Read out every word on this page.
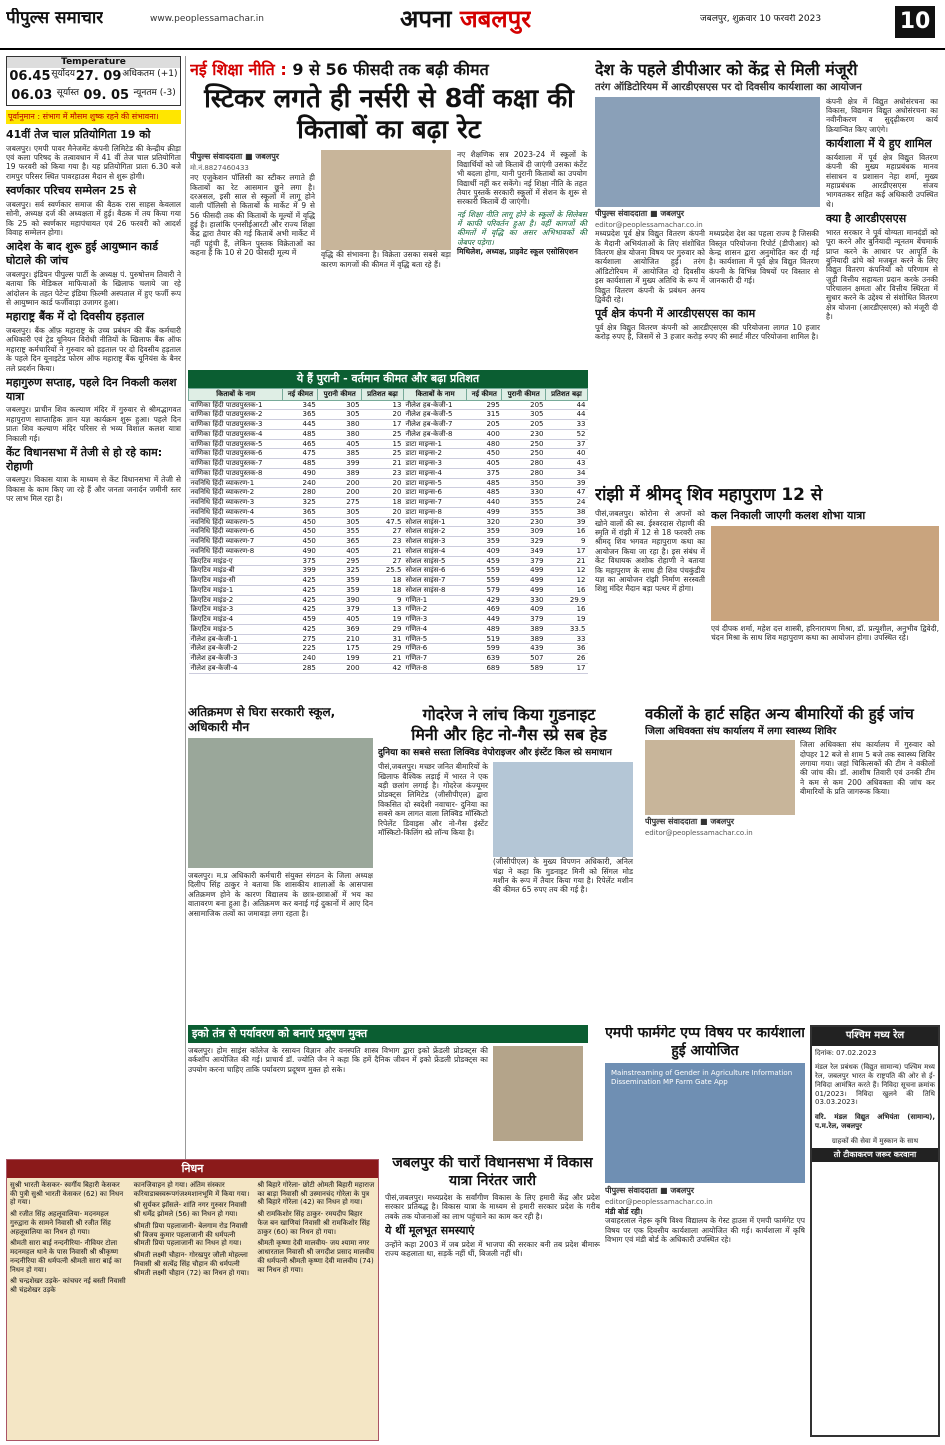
पीपुल्स समाचार	www.peoplessamachar.in	अपना जबलपुर	जबलपुर, शुक्रवार 10 फरवरी 2023	10
Temperature
06.45 सूर्योदय 27. 09 अधिकतम (+1)
06.03 सूर्यास्त 09. 05 न्यूनतम (-3)
पूर्वानुमान : संभाग में मौसम शुष्क रहने की संभावना।
41वीं तेज चाल प्रतियोगिता 19 को
जबलपुर। एमपी पावर मैनेजमेंट कंपनी लिमिटेड की केन्द्रीय क्रीड़ा एवं कला परिषद के तत्वावधान में 41 वीं तेज चाल प्रतियोगिता 19 फरवरी को किया गया है। यह प्रतियोगिता प्रातः 6.30 बजे रामपुर परिसर स्थित पावरहाउस मैदान से शुरू होगी।
स्वर्णकार परिचय सम्मेलन 25 से
जबलपुर। सर्व स्वर्णकार समाज की बैठक रास साहस केवलाल सोनी, अध्यक्ष दर्ज की अध्यक्षता में हुई। बैठक में तय किया गया कि 25 को स्वर्णकार महापंचायत एवं 26 फरवरी को आदर्श विवाह सम्मेलन होगा।
आदेश के बाद शुरू हुई आयुष्मान कार्ड घोटाले की जांच
जबलपुर। इंडियन पीपुल्स पार्टी के अध्यक्ष पं. पुरुषोत्तम तिवारी ने बताया कि मेडिकल माफियाओं के खिलाफ चलाये जा रहे आंदोलन के तहत पेटेन्ट इंडिया फ़िल्मी अस्पताल में हुए फर्जी रूप से आयुष्मान कार्ड फर्जीवाड़ा उजागर हुआ।
महाराष्ट्र बैंक में दो दिवसीय हड़ताल
जबलपुर। बैंक ऑफ़ महाराष्ट्र के उच्च प्रबंधन की बैंक कर्मचारी अधिकारी एवं ट्रेड यूनियन विरोधी नीतियों के खिलाफ बैंक ऑफ महाराष्ट्र कर्मचारियों ने गुरुवार को हड़ताल पर दो दिवसीय हड़ताल के पहले दिन यूनाइटेड फोरम ऑफ महाराष्ट्र बैंक यूनियंस के बैनर तले प्रदर्शन किया।
महागुरुण सप्ताह, पहले दिन निकली कलश यात्रा
जबलपुर। प्राचीन शिव कल्याण मंदिर में गुरुवार से श्रीमद्भागवत महापुराण साप्ताहिक ज्ञान यज्ञ कार्यक्रम शुरू हुआ। पहले दिन प्रातः शिव कल्याण मंदिर परिसर से भव्य विशाल कलश यात्रा निकाली गई।
केंट विधानसभा में तेजी से हो रहे काम: रोहाणी
जबलपुर। विकास यात्रा के माध्यम से केंट विधानसभा में तेजी से विकास के काम किए जा रहे हैं और जनता जनार्दन जमीनी स्तर पर लाभ मिल रहा है।
निधन
सुश्री भारती केसकर- स्वर्गीय बिहारी केसकर की पुत्री सुश्री भारती केसकर (62) का निधन हो गया।
श्री रजीत सिंह अहलूवालिया- मदनमहल गुरुद्वारा के सामने निवासी श्री रजीत सिंह अहलूवालिया का निधन हो गया।
श्रीमती सारा बाई नन्दनीरिया- नीवियर टोला मदनमहल थाने के पास निवासी श्री श्रीकृष्ण नन्दनीरिया की धर्मपत्नी श्रीमती सारा बाई का निधन हो गया।
श्री चन्द्रशेखर उड़के- कांचघर नई बस्ती निवासी श्री चंद्रशेखर उड़के
कानजिवाहन हो गया। अंतिम संस्कार करियाडाबस्वरूपगंजश्मशानभूमि में किया गया।
श्री सुर्यकर झाँसले- शांति नगर गुरुसर निवासी श्री धर्मेंद्र झोमले (56) का निधन हो गया।
श्रीमती प्रिया पहलाजानी- बेलगाम रोड निवासी श्री विजय कुमार पहलाजानी की धर्मपत्नी श्रीमती प्रिया पहलाजानी का निधन हो गया।
श्रीमती लक्ष्मी चौहान- गोरखपुर जौली मोहल्ला निवासी श्री सत्येंद्र सिंह चौहान की धर्मपत्नी श्रीमती लक्ष्मी चौहान (72) का निधन हो गया।
श्री बिहारे गोरेला- छोटी ओमती बिहारी महाराज का बाड़ा निवासी श्री उस्मानचंद गोरेला के पुत्र श्री बिहारे गोरेला (42) का निधन हो गया।
श्री रामकिशोर सिंह ठाकुर- रमयदीप बिहार फेज बन खाणियां निवासी श्री रामकिशोर सिंह ठाकुर (60) का निधन हो गया।
श्रीमती कृष्णा देवी मालवीय- जय श्यामा नगर आधारताल निवासी श्री जगदीश प्रसाद मालवीय की धर्मपत्नी श्रीमती कृष्णा देवी मालवीय (74) का निधन हो गया।
नई शिक्षा नीति : 9 से 56 फीसदी तक बढ़ी कीमत
स्टिकर लगते ही नर्सरी से 8वीं कक्षा की किताबों का बढ़ा रेट
पीपुल्स संवाददाता ■ जबलपुर
मो.नं.8827460433
नए एजुकेशन पॉलिसी का स्टीकर लगाते ही किताबों का रेट आसमान छूने लगा है। दरअसल, इसी साल से स्कूलों में लागू होने वाली पॉलिसी से किताबों के मार्केट में 9 से 56 फीसदी तक की किताबों के मूल्यों में वृद्धि हुई है। हालांकि एनसीईआरटी और राज्य शिक्षा केंद्र द्वारा तैयार की गई किताबें अभी मार्केट में नहीं पहुंची हैं, लेकिन पुस्तक विक्रेताओं का कहना है कि 10 से 20 फीसदी मूल्य में	वृद्धि की संभावना है। विक्रेता उसका सबसे बड़ा कारण कागजों की कीमत में वृद्धि बता रहे हैं।
नए शैक्षणिक सत्र 2023-24 में स्कूलों के विद्यार्थियों को जो किताबें दी जाएंगी उसका कंटेंट भी बदला होगा, यानी पुरानी किताबों का उपयोग विद्यार्थी नहीं कर सकेंगे। नई शिक्षा नीति के तहत तैयार पुस्तकें सरकारी स्कूलों में सेशन के शुरू से सरकारी किताबें दी जाएंगी।
नई शिक्षा नीति लागू होने के स्कूलों के सिलेबस में काफी परिवर्तन हुआ है। वहीं कागजों की कीमतों में वृद्धि का असर अभिभावकों की जेबपर पड़ेगा।
मिथिलेश, अध्यक्ष, प्राइवेट स्कूल एसोसिएशन
ये हैं पुरानी - वर्तमान कीमत और बढ़ा प्रतिशत
किताबों के नाम	नई कीमत	पुरानी कीमत	प्रतिशत बढ़ा	किताबों के नाम	नई कीमत	पुरानी कीमत	प्रतिशत बढ़ा
वाणिका हिंदी पाठ्यपुस्तक-1	345	305	13	नीलेश हब-केजी-1	295	205	44
वाणिका हिंदी पाठ्यपुस्तक-2	365	305	20	नीलेश हब-केजी-5	315	305	44
वाणिका हिंदी पाठ्यपुस्तक-3	445	380	17	नीलेश हब-केजी-7	205	205	33
वाणिका हिंदी पाठ्यपुस्तक-4	485	380	25	नीलेश हब-केजी-8	400	230	52
वाणिका हिंदी पाठ्यपुस्तक-5	465	405	15	डाटा माइन्स-1	480	250	37
वाणिका हिंदी पाठ्यपुस्तक-6	475	385	25	डाटा माइन्स-2	450	250	40
वाणिका हिंदी पाठ्यपुस्तक-7	485	399	21	डाटा माइन्स-3	405	280	43
वाणिका हिंदी पाठ्यपुस्तक-8	490	389	23	डाटा माइन्स-4	375	280	34
नवनिधि हिंदी व्याकरण-1	240	200	20	डाटा माइन्स-5	485	350	39
नवनिधि हिंदी व्याकरण-2	280	200	20	डाटा माइन्स-6	485	330	47
नवनिधि हिंदी व्याकरण-3	325	275	18	डाटा माइन्स-7	440	355	24
नवनिधि हिंदी व्याकरण-4	365	305	20	डाटा माइन्स-8	499	355	38
नवनिधि हिंदी व्याकरण-5	450	305	47.5	सोशल साइंस-1	320	230	39
नवनिधि हिंदी व्याकरण-6	450	355	27	सोशल साइंस-2	359	309	16
नवनिधि हिंदी व्याकरण-7	450	365	23	सोशल साइंस-3	359	329	9
नवनिधि हिंदी व्याकरण-8	490	405	21	सोशल साइंस-4	409	349	17
क्रिएटिव माइंड-ए	375	295	27	सोशल साइंस-5	459	379	21
क्रिएटिव माइंड-बी	399	325	25.5	सोशल साइंस-6	559	499	12
क्रिएटिव माइंड-सी	425	359	18	सोशल साइंस-7	559	499	12
क्रिएटिव माइंड-1	425	359	18	सोशल साइंस-8	579	499	16
क्रिएटिव माइंड-2	425	390	9	गणित-1	429	330	29.9
क्रिएटिव माइंड-3	425	379	13	गणित-2	469	409	16
क्रिएटिव माइंड-4	459	405	19	गणित-3	449	379	19
क्रिएटिव माइंड-5	425	369	29	गणित-4	489	389	33.5
नीलेश हब-केजी-1	275	210	31	गणित-5	519	389	33
नीलेश हब-केजी-2	225	175	29	गणित-6	599	439	36
नीलेश हब-केजी-3	240	199	21	गणित-7	639	507	26
नीलेश हब-केजी-4	285	200	42	गणित-8	689	589	17
देश के पहले डीपीआर को केंद्र से मिली मंजूरी
तरंग ऑडिटोरियम में आरडीएसएस पर दो दिवसीय कार्यशाला का आयोजन
पीपुल्स संवाददाता ■ जबलपुर
editor@peoplessamachar.co.in
मध्यप्रदेश पूर्व क्षेत्र विद्युत वितरण कंपनी के मैदानी अभियंताओं के लिए संशोधित वितरण क्षेत्र योजना विषय पर गुरुवार को कार्यशाला आयोजित हुई। तरंग ऑडिटोरियम में आयोजित दो दिवसीय इस कार्यशाला में मुख्य अतिथि के रूप में विद्युत वितरण कंपनी के प्रबंधन अनय द्विवेदी रहे।
मध्यप्रदेश देश का पहला राज्य है जिसकी विस्तृत परियोजना रिपोर्ट (डीपीआर) को केन्द्र शासन द्वारा अनुमोदित कर दी गई है। कार्यशाला में पूर्व क्षेत्र विद्युत वितरण कंपनी के विभिन्न विषयों पर विस्तार से जानकारी दी गई।
पूर्व क्षेत्र कंपनी में आरडीएसएस का काम
पूर्व क्षेत्र विद्युत वितरण कंपनी को आरडीएसएस की परियोजना लागत 10 हजार करोड़ रुपए है, जिसमें से 3 हजार करोड़ रुपए की स्मार्ट मीटर परियोजना शामिल है।
कंपनी क्षेत्र में विद्युत अधोसंरचना का विकास, विद्यमान विद्युत अधोसंरचना का नवीनीकरण व सुदृढ़ीकरण कार्य क्रियान्वित किए जाएंगे।
कार्यशाला में ये हुए शामिल
कार्यशाला में पूर्व क्षेत्र विद्युत वितरण कंपनी की मुख्य महाप्रबंधक मानव संसाधन व प्रशासन नेहा शर्मा, मुख्य महाप्रबंधक आरडीएसएस संजय भागवतकर सहित कई अधिकारी उपस्थित थे।
क्या है आरडीएसएस
भारत सरकार ने पूर्व योग्यता मानदंडों को पूरा करने और बुनियादी न्यूनतम बेंचमार्क प्राप्त करने के आधार पर आपूर्ति के बुनियादी ढांचे को मजबूत करने के लिए विद्युत वितरण कंपनियों को परिणाम से जुड़ी वित्तीय सहायता प्रदान करके उनकी परिचालन क्षमता और वित्तीय स्थिरता में सुधार करने के उद्देश्य से संशोधित वितरण क्षेत्र योजना (आरडीएसएस) को मंजूरी दी है।
रांझी में श्रीमद् शिव महापुराण 12 से
पीसं,जबलपुर। कोरोना से अपनों को खोने वालों की स्व. ईश्वरदास रोहाणी की स्मृति में रांझी में 12 से 18 फरवरी तक श्रीमद् शिव भगवत महापुराण कथा का आयोजन किया जा रहा है। इस संबंध में केंट विधायक अशोक रोहाणी ने बताया कि महापुराण के साथ ही शिव पंचकुंडीय यज्ञ का आयोजन रांझी निर्माण सरस्वती शिशु मंदिर मैदान बड़ा पत्थर में होगा।
कल निकाली जाएगी कलश शोभा यात्रा
एवं दीपक शर्मा, महेश दत्त शास्त्री, हरिनारायण मिश्रा, डॉ. प्रत्यूशील, अनुभीव द्विवेदी, चंदन मिश्रा के साथ शिव महापुराण कथा का आयोजन होगा। उपस्थित रहे।
अतिक्रमण से घिरा सरकारी स्कूल, अधिकारी मौन
जबलपुर। म.प्र अधिकारी कर्मचारी संयुक्त संगठन के जिला अध्यक्ष दिलीप सिंह ठाकुर ने बताया कि शासकीय शालाओं के आसपास अतिक्रमण होने के कारण विद्यालय के छात्र-छात्राओं में भय का वातावरण बना हुआ है। अतिक्रमण कर बनाई गई दुकानों में आए दिन असामाजिक तत्वों का जमावड़ा लगा रहता है।
गोदरेज ने लांच किया गुडनाइट
मिनी और हिट नो-गैस स्प्रे सब हेड
दुनिया का सबसे सस्ता लिक्विड वेपोराइजर और इंस्टेंट किल स्प्रे समाधान
पीसं,जबलपुर। मच्छर जनित बीमारियों के खिलाफ वैश्विक लड़ाई में भारत ने एक बड़ी छलांग लगाई है। गोदरेज कंज्यूमर प्रोडक्ट्स लिमिटेड (जीसीपीएल) द्वारा विकसित दो स्वदेशी नवाचार- दुनिया का सबसे कम लागत वाला लिक्विड मॉस्किटो रिपेलेंट डिवाइस और नो-गैस इंस्टेंट मॉस्किटो-किलिंग स्प्रे लॉन्च किया है।
(जीसीपीएल) के मुख्य विपणन अधिकारी, अनिल चंद्रा ने कहा कि गुडनाइट मिनी को सिंगल मोड मशीन के रूप में तैयार किया गया है। रिपेलेंट मशीन की कीमत 65 रुपए तय की गई है।
वकीलों के हार्ट सहित अन्य बीमारियों की हुई जांच
जिला अधिवक्ता संघ कार्यालय में लगा स्वास्थ्य शिविर
पीपुल्स संवाददाता ■ जबलपुर
editor@peoplessamachar.co.in
जिला अधिवक्ता संघ कार्यालय में गुरुवार को दोपहर 12 बजे से शाम 5 बजे तक स्वास्थ्य शिविर लगाया गया। जहां चिकित्सकों की टीम ने वकीलों की जांच की। डॉ. आशीष तिवारी एवं उनकी टीम ने कम से कम 200 अधिवक्ता की जांच कर बीमारियों के प्रति जागरूक किया।
इको तंत्र से पर्यावरण को बनाएं प्रदूषण मुक्त
जबलपुर। होम साइंस कॉलेज के रसायन विज्ञान और वनस्पति शास्त्र विभाग द्वारा इको फ्रेंडली प्रोडक्ट्स की वर्कशॉप आयोजित की गई। प्राचार्य डॉ. ज्योति जैन ने कहा कि हमें दैनिक जीवन में इको फ्रेंडली प्रोडक्ट्स का उपयोग करना चाहिए ताकि पर्यावरण प्रदूषण मुक्त हो सके।
जबलपुर की चारों विधानसभा में विकास यात्रा निरंतर जारी
पीसं,जबलपुर। मध्यप्रदेश के सर्वांगीण विकास के लिए हमारी केंद्र और प्रदेश सरकार प्रतिबद्ध है। विकास यात्रा के माध्यम से हमारी सरकार प्रदेश के गरीब तबके तक योजनाओं का लाभ पहुंचाने का काम कर रही है।
ये थीं मूलभूत समस्याएं
उन्होंने कहा 2003 में जब प्रदेश में भाजपा की सरकार बनी तब प्रदेश बीमारू राज्य कहलाता था, सड़कें नहीं थीं, बिजली नहीं थी।
एमपी फार्मगेट एप्प विषय पर कार्यशाला हुई आयोजित
Mainstreaming of Gender in Agriculture Information Dissemination MP Farm Gate App
पीपुल्स संवाददाता ■ जबलपुर
editor@peoplessamachar.co.in
मंडी बोर्ड रही।
जवाहरलाल नेहरू कृषि विश्व विद्यालय के गेस्ट हाउस में एमपी फार्मगेट एप विषय पर एक दिवसीय कार्यशाला आयोजित की गई। कार्यशाला में कृषि विभाग एवं मंडी बोर्ड के अधिकारी उपस्थित रहे।
पश्चिम मध्य रेल
दिनांक: 07.02.2023
मंडल रेल प्रबंधक (विद्युत सामान्य) पश्चिम मध्य रेल, जबलपुर भारत के राष्ट्रपति की ओर से ई-निविदा आमंत्रित करते हैं। निविदा सूचना क्रमांक 01/2023। निविदा खुलने की तिथि 03.03.2023।
वरि. मंडल विद्युत अभियंता (सामान्य), प.म.रेल, जबलपुर
ग्राहकों की सेवा में मुस्कान के साथ
तो टीकाकरण जरूर करवाना
